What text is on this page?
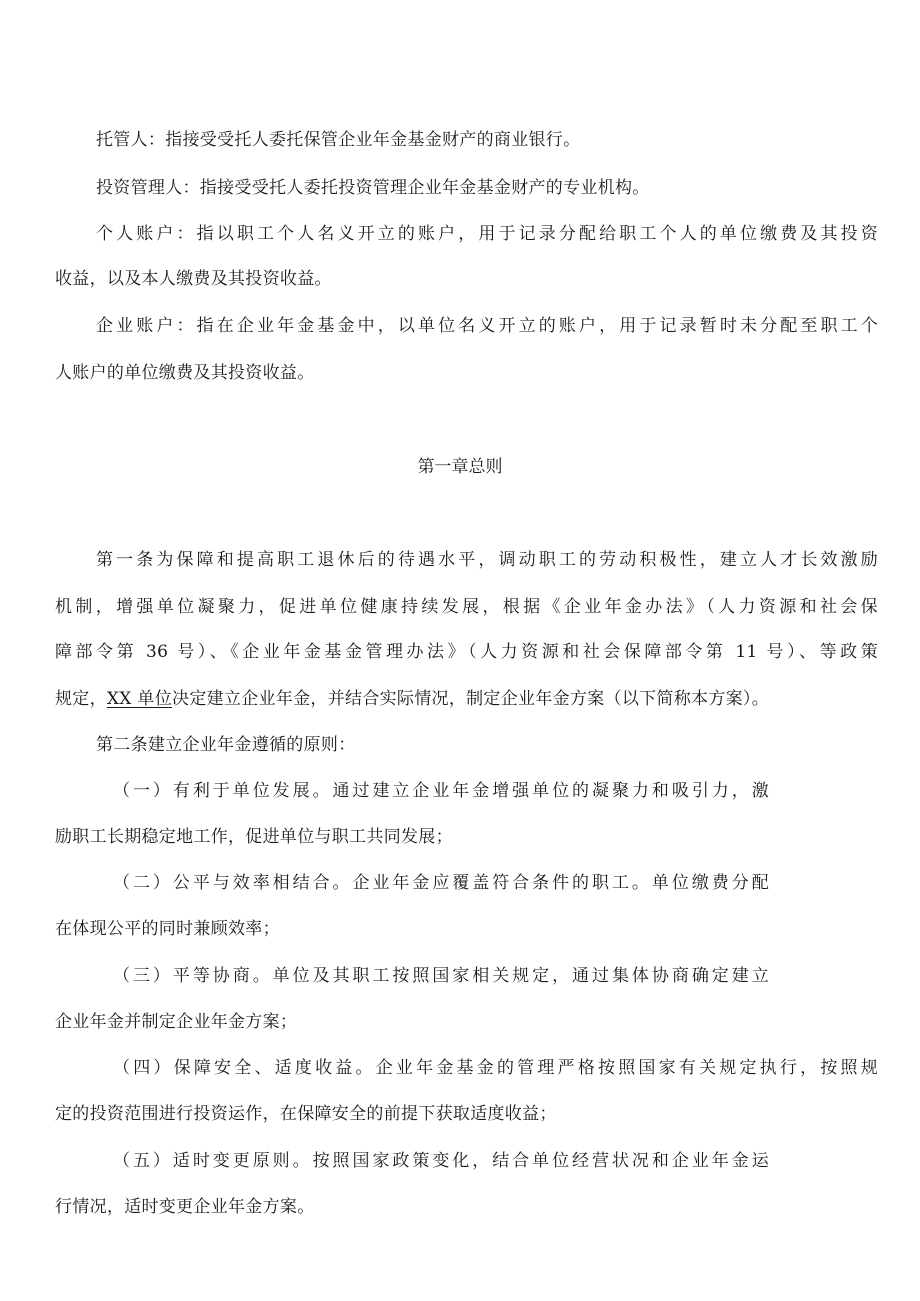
托管人：指接受受托人委托保管企业年金基金财产的商业银行。
投资管理人：指接受受托人委托投资管理企业年金基金财产的专业机构。
个人账户：指以职工个人名义开立的账户，用于记录分配给职工个人的单位缴费及其投资
收益，以及本人缴费及其投资收益。
企业账户：指在企业年金基金中，以单位名义开立的账户，用于记录暂时未分配至职工个
人账户的单位缴费及其投资收益。
第一章总则
第一条为保障和提高职工退休后的待遇水平，调动职工的劳动积极性，建立人才长效激励
机制，增强单位凝聚力，促进单位健康持续发展，根据《企业年金办法》（人力资源和社会保
障部令第 36 号）、《企业年金基金管理办法》（人力资源和社会保障部令第 11 号）、等政策
规定，XX 单位决定建立企业年金，并结合实际情况，制定企业年金方案（以下简称本方案）。
第二条建立企业年金遵循的原则：
（一）有利于单位发展。通过建立企业年金增强单位的凝聚力和吸引力，激
励职工长期稳定地工作，促进单位与职工共同发展；
（二）公平与效率相结合。企业年金应覆盖符合条件的职工。单位缴费分配
在体现公平的同时兼顾效率；
（三）平等协商。单位及其职工按照国家相关规定，通过集体协商确定建立
企业年金并制定企业年金方案；
（四）保障安全、适度收益。企业年金基金的管理严格按照国家有关规定执行，按照规
定的投资范围进行投资运作，在保障安全的前提下获取适度收益；
（五）适时变更原则。按照国家政策变化，结合单位经营状况和企业年金运
行情况，适时变更企业年金方案。
